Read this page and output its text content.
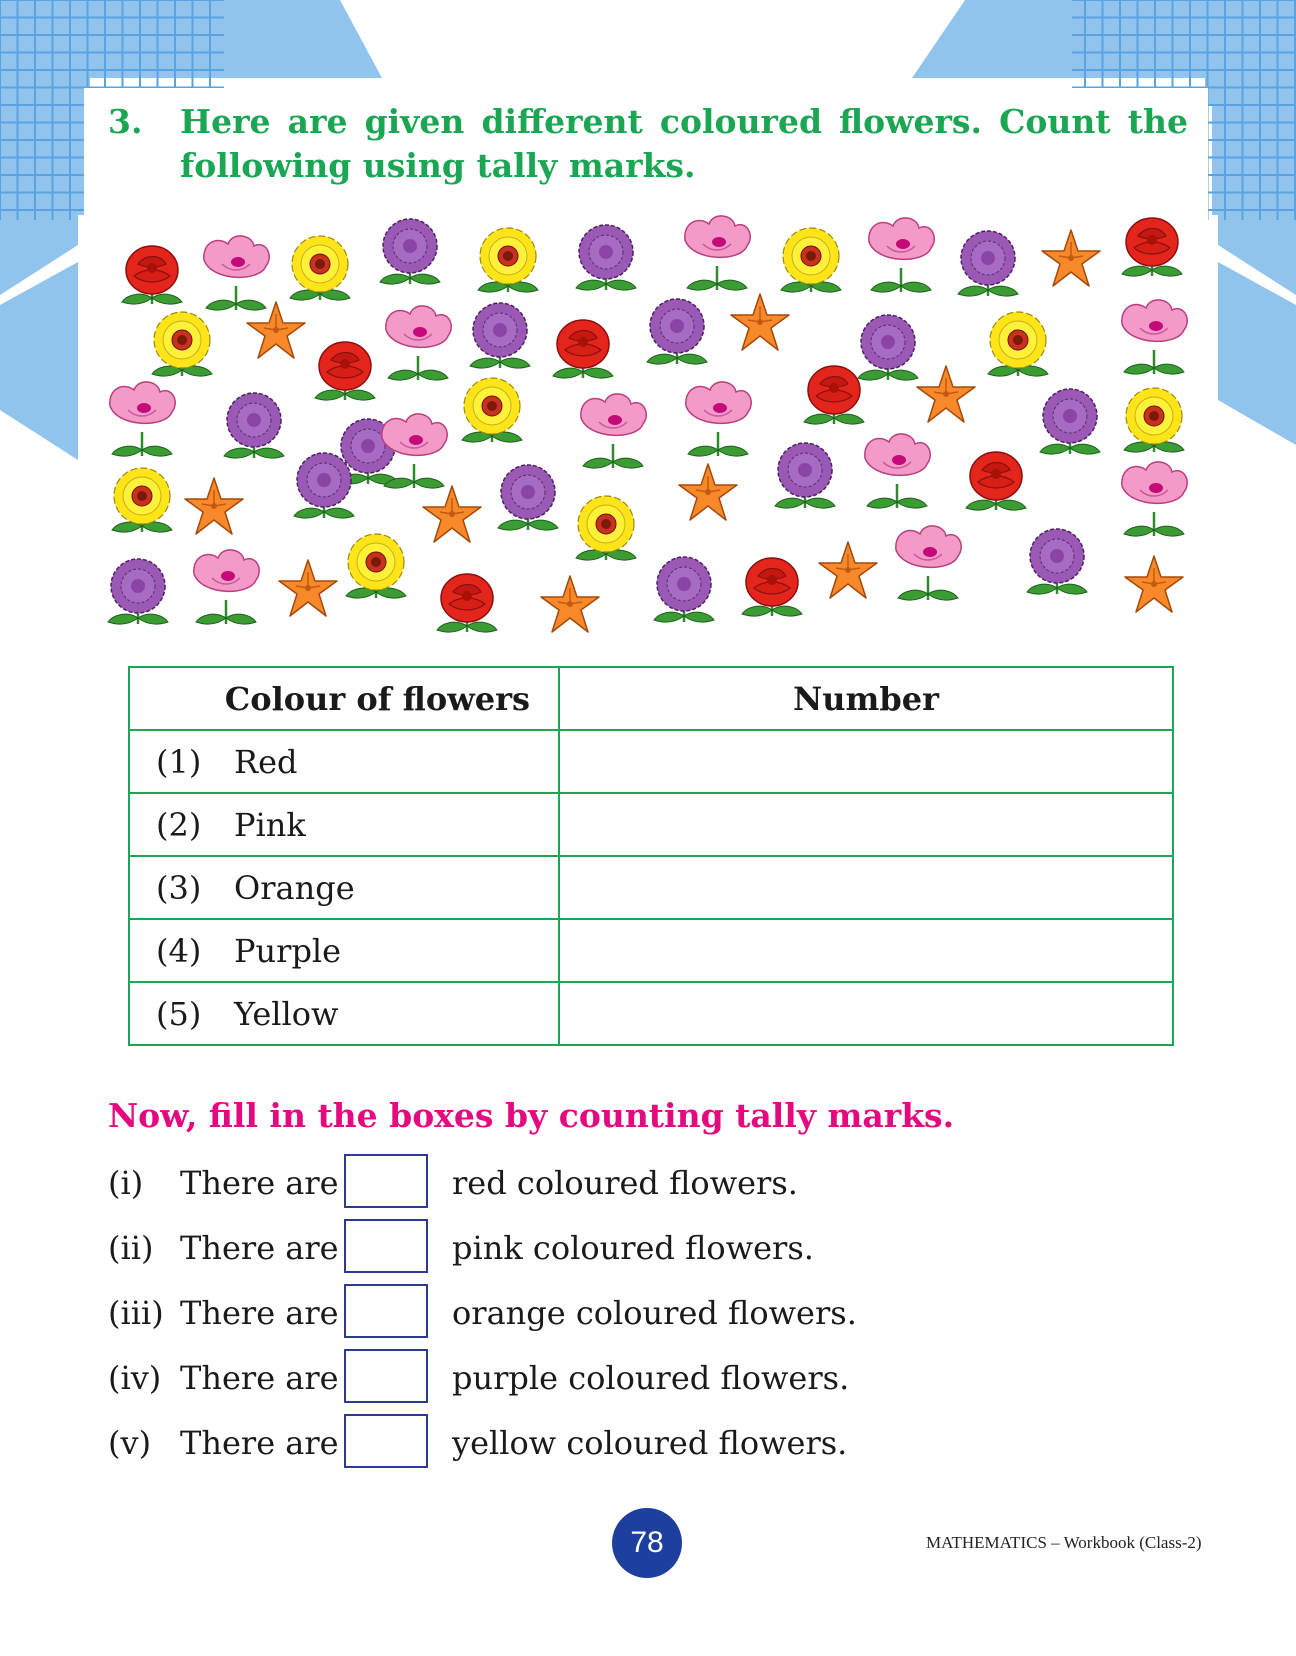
3. Here are given different coloured flowers. Count the following using tally marks.
Colour of flowers	Number

(1) Red	

(2) Pink	

(3) Orange	

(4) Purple	

(5) Yellow	

Now, fill in the boxes by counting tally marks.
(i) There are	red coloured flowers.
(ii) There are	pink coloured flowers.
(iii) There are	orange coloured flowers.
(iv) There are	purple coloured flowers.
(v) There are	yellow coloured flowers.
78	MATHEMATICS – Workbook (Class-2)
